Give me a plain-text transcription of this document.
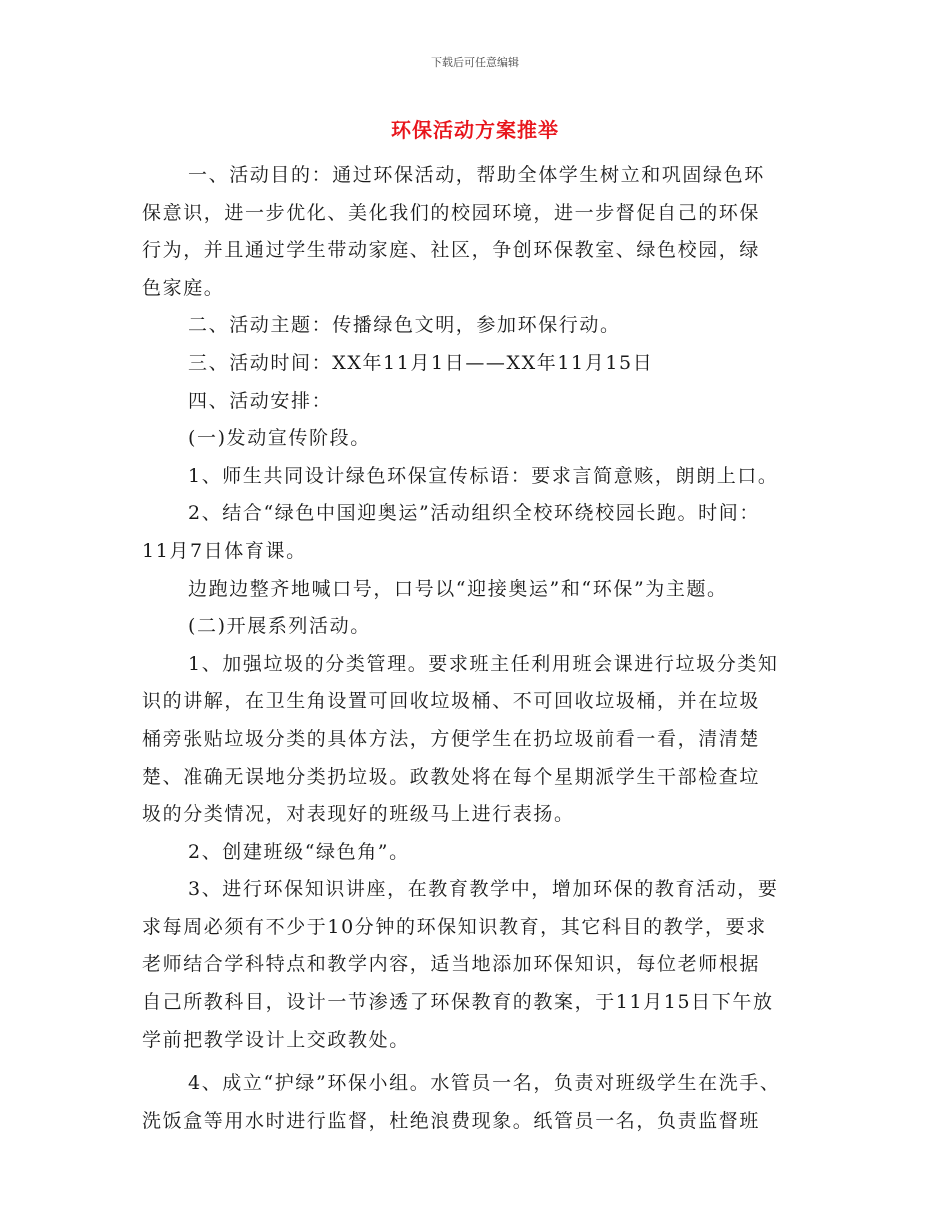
下载后可任意编辑
环保活动方案推举
一、活动目的：通过环保活动，帮助全体学生树立和巩固绿色环
保意识，进一步优化、美化我们的校园环境，进一步督促自己的环保
行为，并且通过学生带动家庭、社区，争创环保教室、绿色校园，绿
色家庭。
二、活动主题：传播绿色文明，参加环保行动。
三、活动时间：XX年11月1日——XX年11月15日
四、活动安排：
(一)发动宣传阶段。
1、师生共同设计绿色环保宣传标语：要求言简意赅，朗朗上口。
2、结合“绿色中国迎奥运”活动组织全校环绕校园长跑。时间：
11月7日体育课。
边跑边整齐地喊口号，口号以“迎接奥运”和“环保”为主题。
(二)开展系列活动。
1、加强垃圾的分类管理。要求班主任利用班会课进行垃圾分类知
识的讲解，在卫生角设置可回收垃圾桶、不可回收垃圾桶，并在垃圾
桶旁张贴垃圾分类的具体方法，方便学生在扔垃圾前看一看，清清楚
楚、准确无误地分类扔垃圾。政教处将在每个星期派学生干部检查垃
圾的分类情况，对表现好的班级马上进行表扬。
2、创建班级“绿色角”。
3、进行环保知识讲座，在教育教学中，增加环保的教育活动，要
求每周必须有不少于10分钟的环保知识教育，其它科目的教学，要求
老师结合学科特点和教学内容，适当地添加环保知识，每位老师根据
自己所教科目，设计一节渗透了环保教育的教案，于11月15日下午放
学前把教学设计上交政教处。
4、成立“护绿”环保小组。水管员一名，负责对班级学生在洗手、
洗饭盒等用水时进行监督，杜绝浪费现象。纸管员一名，负责监督班
